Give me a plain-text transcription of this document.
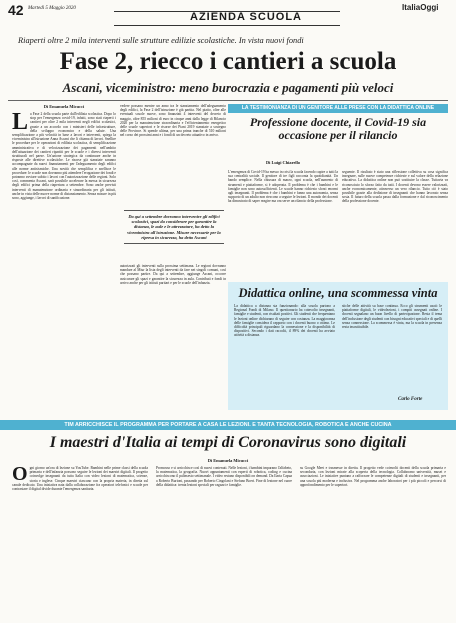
42 Martedì 5 Maggio 2020
AZIENDA SCUOLA
ItaliaOggi
Riaperti oltre 2 mila interventi sulle strutture edilizie scolastiche. In vista nuovi fondi
Fase 2, riecco i cantieri a scuola
Ascani, viceministro: meno burocrazia e pagamenti più veloci
Di Emanuela Micucci
La Fase 2 della scuola parte dall'edilizia scolastica. Dopo lo stop per l'emergenza covid-19, infatti, sono stati riaperti i cantieri per oltre 2 mila interventi negli edifici scolastici, grazie a un accordo con i ministeri delle infrastrutture, della sviluppo economico e della salute. Una semplificazione a più velocità in base a lavori e interventi, spiega la viceministra all'istruzione Anna Ascani che li chiama di lavori. Snellire le procedure per le operazioni di edilizia scolastica, di semplificazione amministrativa e di velocizzazione dei pagamenti nell'ambito dell'attuazione dei cantieri ripartiti per le scuole e i diversi interventi struttturali nel paese. Un'azione strategica da continuare anche in risposte alle direttive scolastiche. Le risorse già stanziate saranno accompagnate da nuovi finanziamenti per l'adeguamento degli edifici alle norme antisismiche. Una novità che semplifica e snellisce le procedure: le scuole non dovranno più attendere l'erogazione dei fondi e potranno avviare subito i lavori con l'autorizzazione delle regioni. Solo così, commenta Ascani, sarà possibile accelerare la messa in sicurezza degli edifici prima della riapertura a settembre. Sono anche previsti interventi di manutenzione ordinaria e straordinaria per gli istituti, anche in vista delle nuove norme di distanziamento. Senza misure in più sono, aggiunge, i lavori di sanificazione.
vedere possano mentre un anno tra le stanziamento dell'adeguamento degli edifici, la Fase 2 dell'istruzione è già partita. Nel piatto, oltre alle eventuali scuole nuove, sono finanziati 4 interventi del decreto di maggio, oltre 855 milioni di euro in cinque anni dalla legge di Bilancio 2020 per la manutenzione straordinaria e l'efficientamento energetico delle scuole superiori e le risorse dei Piani 2019 stanziate a sostegno delle Province. Si spende ultima, per una prima tranche di 510 milioni nel corso dei prossimi anni e i fondi di un decreto attuativo in arrivo.
autorizzati gli interventi sulla prossima settimana. Le regioni dovranno mandare al Miur la lista degli interventi da fare nei singoli comuni, così che possano partire. Da qui a settembre, aggiunge Ascani, occorre assicurare gli spazi e garantire la sicurezza in aula. Contributi e fondi in arrivo anche per gli istituti paritari e per le scuole dell'infanzia.
Da qui a settembre dovranno intervenire gli edifici scolastici, spazi da considerare per garantire la distanza, le aule e le attrezzature, ha detto la viceministra all'istruzione. Misure necessarie per la ripresa in sicurezza, ha detto Ascani
LA TESTIMONIANZA DI UN GENITORE ALLE PRESE CON LA DIDATTICA ONLINE
Professione docente, il Covid-19 sia occasione per il rilancio
Di Luigi Chiarello
L'emergenza di Covid-19 ha messo in crisi la scuola facendo capire a tutti la sua centralità sociale. Il genitore di tre figli racconta la quotidianità. Un bando semplice. Nella chiusura di marzo, ogni scuola, nell'aumento di strumenti e piattaforme, si è adoperata. Il problema è che i bambini e le famiglie non sono autosufficienti. Le scuole hanno richiesto sforzi enormi agli insegnanti. Il problema è che i bambini e fanno una autonomia, senza supporto di un adulto non riescono a seguire le lezioni. Il mondo dei docenti ha dimostrato di saper reagire ma ora serve un rilancio della professione.
seguente. Il risultato è stato una riflessione collettiva su cosa significa insegnare, sulle nuove competenze richieste e sul valore della relazione educativa. La didattica online non può sostituire la classe. Tuttavia va riconosciuto lo sforzo fatto da tutti. I docenti devono essere valorizzati, anche economicamente, attraverso un vero rilancio. Tutto ciò è stato possibile grazie alla dedizione di insegnanti che hanno lavorato senza sosta. Il futuro della scuola passa dalla formazione e dal riconoscimento della professione docente.
Didattica online, una scommessa vinta
La didattica a distanza sta funzionando: alla scuola partono a Regional Fondi di Milano. Il questionario ha coinvolto insegnanti, famiglie e studenti, con risultati positivi. Gli studenti che frequentano le lezioni online dichiarano di seguire con costanza. La maggioranza delle famiglie considera il rapporto con i docenti buono o ottimo. Le difficoltà principali riguardano la connessione e la disponibilità di dispositivi. Secondo i dati raccolti, il 89% dei docenti ha avviato attività a distanza.
stiche delle attività su base continua. Ecco gli strumenti usati: le piattaforme digitali, le videolezioni, i compiti assegnati online. I docenti segnalano un buon livello di partecipazione. Resta il tema dell'inclusione degli studenti con bisogni educativi speciali e di quelli senza connessione. La scommessa è vinta, ma la scuola in presenza resta insostituibile.
Carlo Forte
TIM ARRICCHISCE IL PROGRAMMA PER PORTARE A CASA LE LEZIONI. E TANTA TECNOLOGIA, ROBOTICA E ANCHE CUCINA
I maestri d'Italia ai tempi di Coronavirus sono digitali
Di Emanuela Micucci
Ogni giorno un'ora di lezione su YouTube. Bambini nelle prime classi della scuola primaria e dell'infanzia possono seguire le lezioni dei maestri digitali. Il progetto coinvolge insegnanti da tutta Italia con video lezioni di matematica, scienze, storia e inglese. Cinque maestri ciascuno con la propria materia, in diretta sul canale dedicato. Una iniziativa nata dalla collaborazione fra operatori telefonici e scuole per contrastare il digital divide durante l'emergenza sanitaria.
Promosso e si arricchisce così di nuovi contenuti. Nelle lezioni, i bambini imparano l'alfabeto, la matematica, la geografia. Nuovi appuntamenti con esperti di robotica, coding e cucina arricchiscono il palinsesto settimanale. I video restano disponibili on demand. Da Ilaria Capua a Roberto Burioni, passando per Roberto Cingolani e Stefano Boeri. Fine di lezione nel cuore della didattica: trenta lezioni speciali per ragazzi e famiglie.
su Google Meet e trasmesse in diretta. Il progetto vede coinvolti docenti della scuola primaria e secondaria, con lezioni mirate alla scoperta della tecnologia. Collaborano università, musei e associazioni. Le iniziative puntano a rafforzare le competenze digitali di studenti e insegnanti, per una scuola più moderna e inclusiva. Nel programma anche laboratori per i più piccoli e percorsi di approfondimento per le superiori.
